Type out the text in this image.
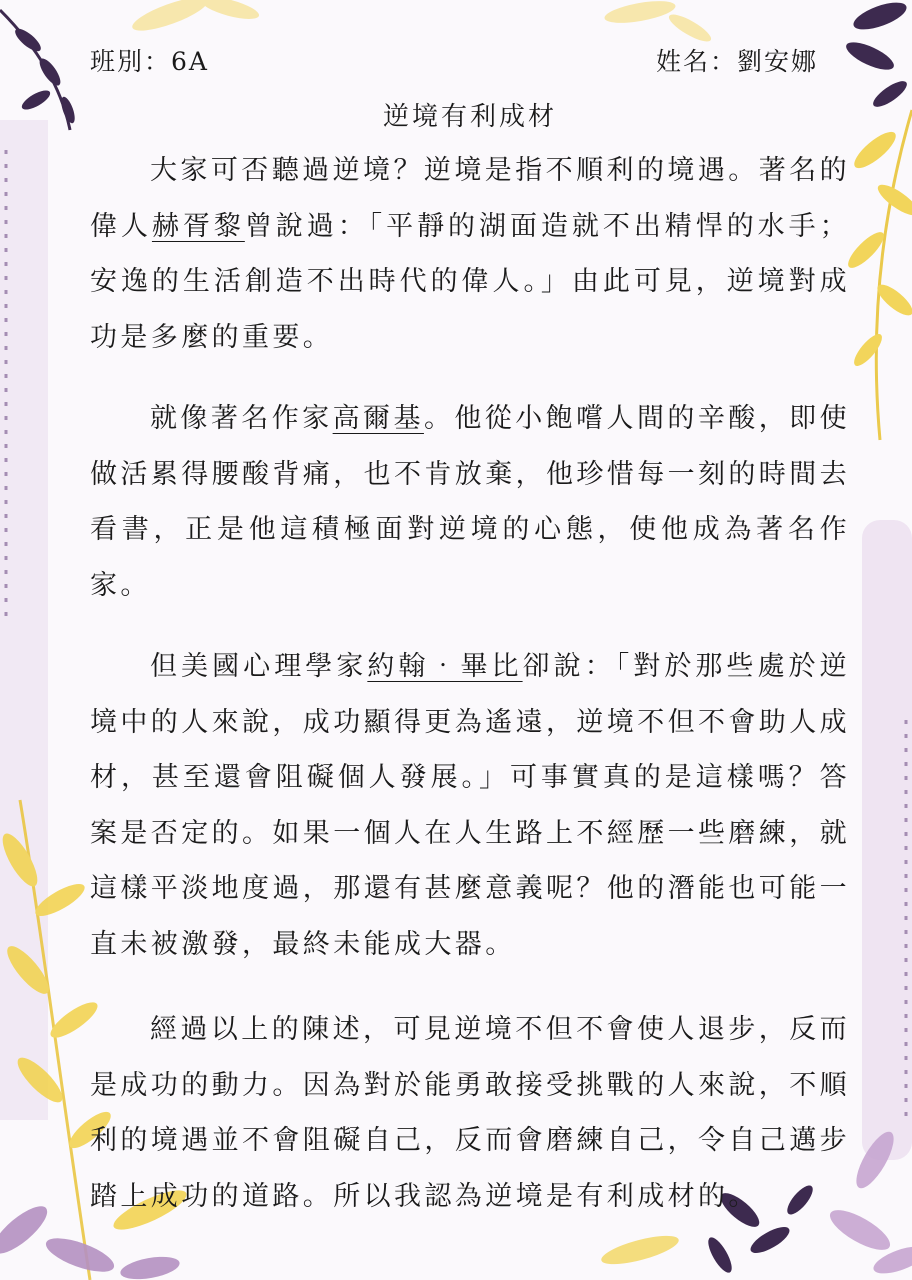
班別：6A	姓名：劉安娜
逆境有利成材

大家可否聽過逆境？逆境是指不順利的境遇。著名的偉人赫胥黎曾說過：「平靜的湖面造就不出精悍的水手；安逸的生活創造不出時代的偉人。」由此可見，逆境對成功是多麼的重要。

就像著名作家高爾基。他從小飽嚐人間的辛酸，即使做活累得腰酸背痛，也不肯放棄，他珍惜每一刻的時間去看書，正是他這積極面對逆境的心態，使他成為著名作家。

但美國心理學家約翰‧畢比卻說：「對於那些處於逆境中的人來說，成功顯得更為遙遠，逆境不但不會助人成材，甚至還會阻礙個人發展。」可事實真的是這樣嗎？答案是否定的。如果一個人在人生路上不經歷一些磨練，就這樣平淡地度過，那還有甚麼意義呢？他的潛能也可能一直未被激發，最終未能成大器。

經過以上的陳述，可見逆境不但不會使人退步，反而是成功的動力。因為對於能勇敢接受挑戰的人來說，不順利的境遇並不會阻礙自己，反而會磨練自己，令自己邁步踏上成功的道路。所以我認為逆境是有利成材的。
